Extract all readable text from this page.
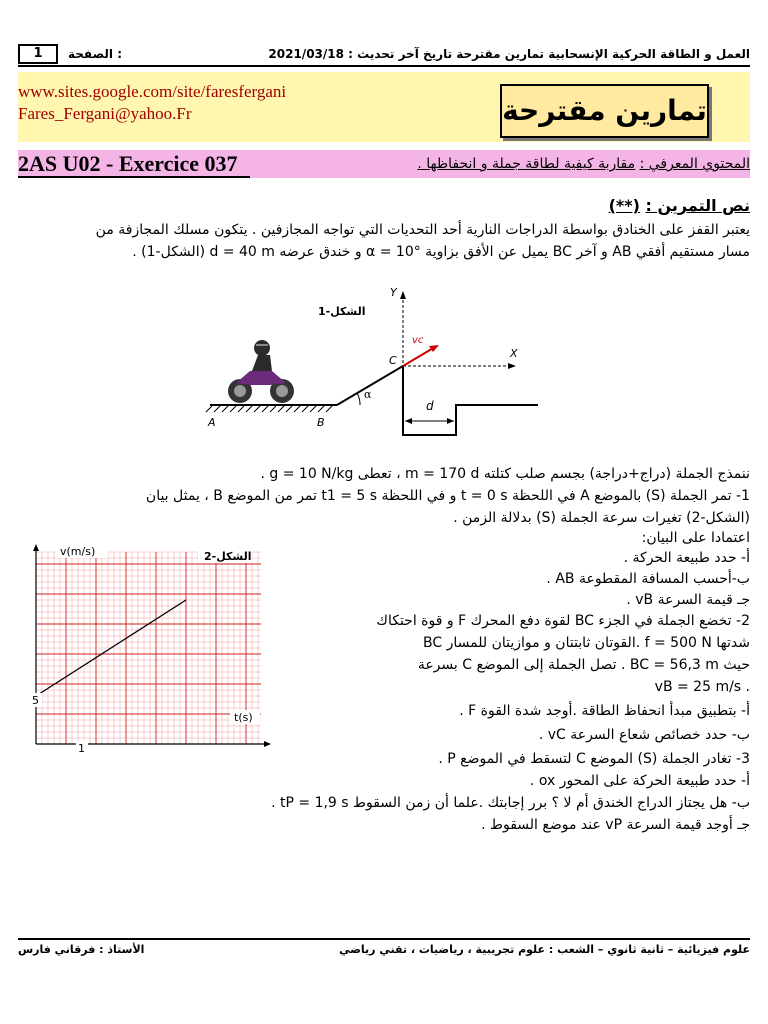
1	الصفحة :	العمل و الطاقة الحركية الإنسحابية تمارين مقترحة تاريخ آخر تحديث : 2021/03/18
www.sites.google.com/site/faresfergani
Fares_Fergani@yahoo.Fr	تمارين مقترحة
2AS U02 - Exercice 037	المحتوي المعرفي : مقاربة كيفية لطاقة جملة و انحفاظها .
نص التمرين : (**)
يعتبر القفز على الخنادق بواسطة الدراجات النارية أحد التحديات التي تواجه المجازفين . يتكون مسلك المجازفة من
مسار مستقيم أفقي AB و آخر BC يميل عن الأفق بزاوية α = 10° و خندق عرضه d = 40 m (الشكل-1) .
ننمذج الجملة (دراج+دراجة) بجسم صلب كتلته m = 170 d ، تعطى g = 10 N/kg .
1- تمر الجملة (S) بالموضع A في اللحظة t = 0 s و في اللحظة t1 = 5 s تمر من الموضع B ، يمثل بيان
(الشكل-2) تغيرات سرعة الجملة (S) بدلالة الزمن .
اعتمادا على البيان:
أ- حدد طبيعة الحركة .
ب-أحسب المسافة المقطوعة AB .
جـ قيمة السرعة vB .
2- تخضع الجملة في الجزء BC لقوة دفع المحرك F و قوة احتكاك
شدتها f = 500 N .القوتان ثابتتان و موازيتان للمسار BC
حيث BC = 56,3 m . تصل الجملة إلى الموضع C بسرعة
. vB = 25 m/s
أ- بتطبيق مبدأ انحفاظ الطاقة .أوجد شدة القوة F .
ب- حدد خصائص شعاع السرعة vC .
3- تغادر الجملة (S) الموضع C لتسقط في الموضع P .
أ- حدد طبيعة الحركة على المحور ox .
ب- هل يجتاز الدراج الخندق أم لا ؟ برر إجابتك .علما أن زمن السقوط tP = 1,9 s .
جـ أوجد قيمة السرعة vP عند موضع السقوط .
A	B
C
α
d
Y
X
vc
الشكل-1
v(m/s)	الشكل-2
t(s)
5
1
الأستاذ : فرقاني فارس	علوم فيزيائية – ثانية ثانوي – الشعب : علوم تجريبية ، رياضيات ، تقني رياضي
